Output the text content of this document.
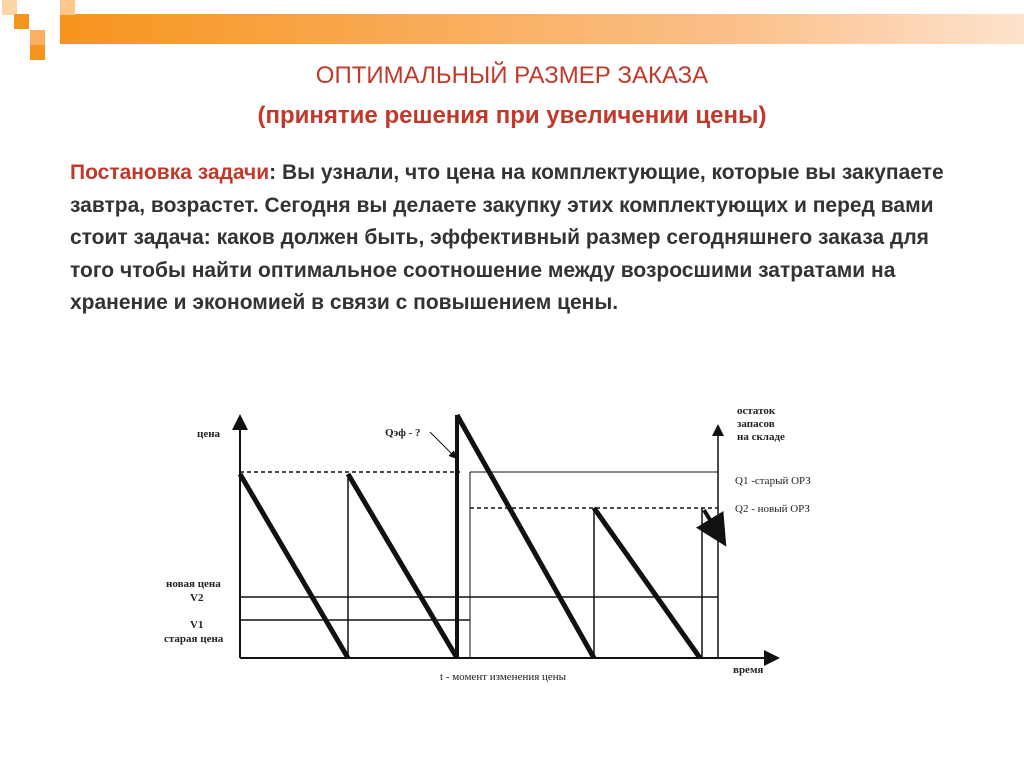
ОПТИМАЛЬНЫЙ РАЗМЕР ЗАКАЗА
(принятие решения при увеличении цены)
Постановка задачи: Вы узнали, что цена на комплектующие, которые вы закупаете завтра, возрастет. Сегодня вы делаете закупку этих комплектующих и перед вами стоит задача: каков должен быть, эффективный размер сегодняшнего заказа для того чтобы найти оптимальное соотношение между возросшими затратами на хранение и экономией в связи с повышением цены.
цена	Qэф - ?
новая цена
V2
V1
старая цена
остаток
запасов
на складе
Q1 -старый ОРЗ
Q2 - новый ОРЗ
время
t - момент изменения цены
